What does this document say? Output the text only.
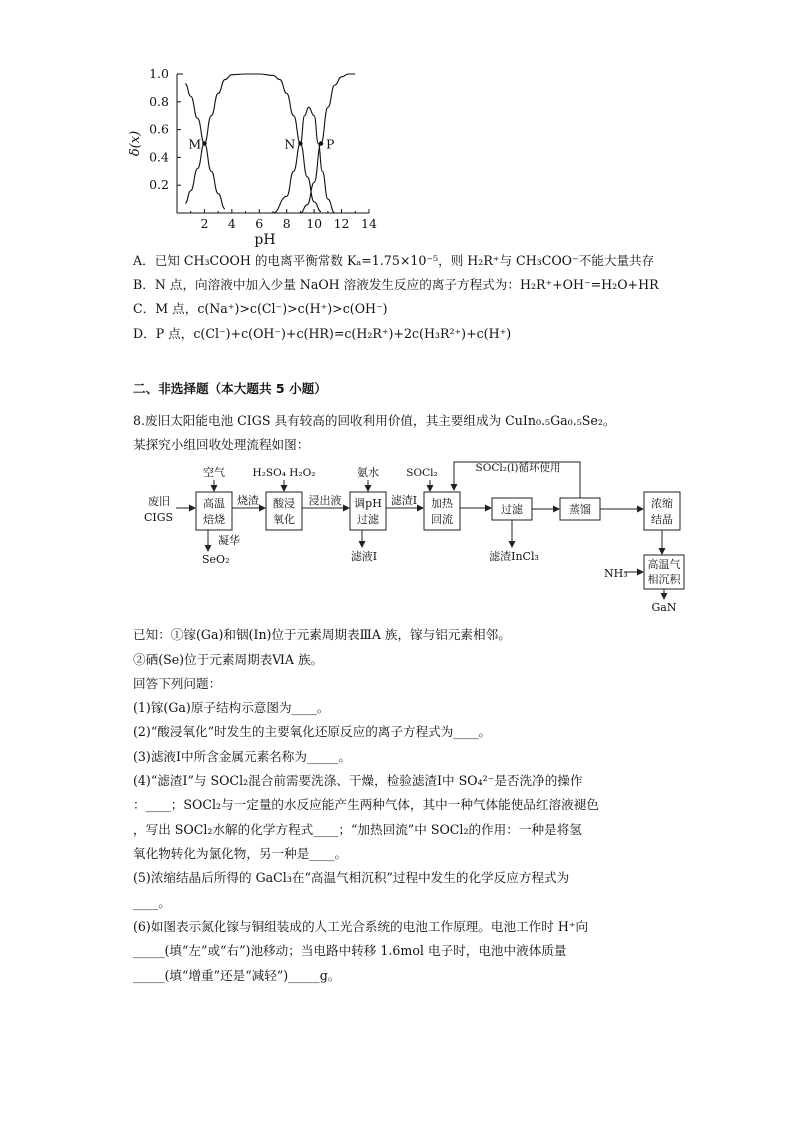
2 4 6 8 10 12 14
0.2
0.4
0.6
0.8
1.0
M	N P
pH
δ(x)
A．已知 CH₃COOH 的电离平衡常数 Kₐ=1.75×10⁻⁵，则 H₂R⁺与 CH₃COO⁻不能大量共存
B．N 点，向溶液中加入少量 NaOH 溶液发生反应的离子方程式为：H₂R⁺+OH⁻=H₂O+HR
C．M 点，c(Na⁺)>c(Cl⁻)>c(H⁺)>c(OH⁻)
D．P 点，c(Cl⁻)+c(OH⁻)+c(HR)=c(H₂R⁺)+2c(H₃R²⁺)+c(H⁺)
二、非选择题（本大题共 5 小题）
8.废旧太阳能电池 CIGS 具有较高的回收利用价值，其主要组成为 CuIn₀.₅Ga₀.₅Se₂。
某探究小组回收处理流程如图：
废旧
CIGS
高温
焙烧
空气
凝华
SeO₂
烧渣 酸浸
氧化
H₂SO₄ H₂O₂
浸出液 调pH
过滤
氨水
滤液Ⅰ
滤渣Ⅰ 加热
回流
SOCl₂	SOCl₂(l)循环使用
过滤
滤渣InCl₃
蒸馏	浓缩
结晶
高温气
相沉积
NH₃
GaN
已知：①镓(Ga)和铟(In)位于元素周期表ⅢA 族，镓与铝元素相邻。
②硒(Se)位于元素周期表ⅥA 族。
回答下列问题：
(1)镓(Ga)原子结构示意图为____。
(2)“酸浸氧化”时发生的主要氧化还原反应的离子方程式为____。
(3)滤液Ⅰ中所含金属元素名称为_____。
(4)“滤渣Ⅰ”与 SOCl₂混合前需要洗涤、干燥，检验滤渣Ⅰ中 SO₄²⁻是否洗净的操作
：____；SOCl₂与一定量的水反应能产生两种气体，其中一种气体能使品红溶液褪色
，写出 SOCl₂水解的化学方程式____；“加热回流”中 SOCl₂的作用：一种是将氢
氧化物转化为氯化物，另一种是____。
(5)浓缩结晶后所得的 GaCl₃在“高温气相沉积”过程中发生的化学反应方程式为
____。
(6)如图表示氮化镓与铜组装成的人工光合系统的电池工作原理。电池工作时 H⁺向
_____(填“左”或“右”)池移动；当电路中转移 1.6mol 电子时，电池中液体质量
_____(填“增重”还是“减轻”)_____g。
